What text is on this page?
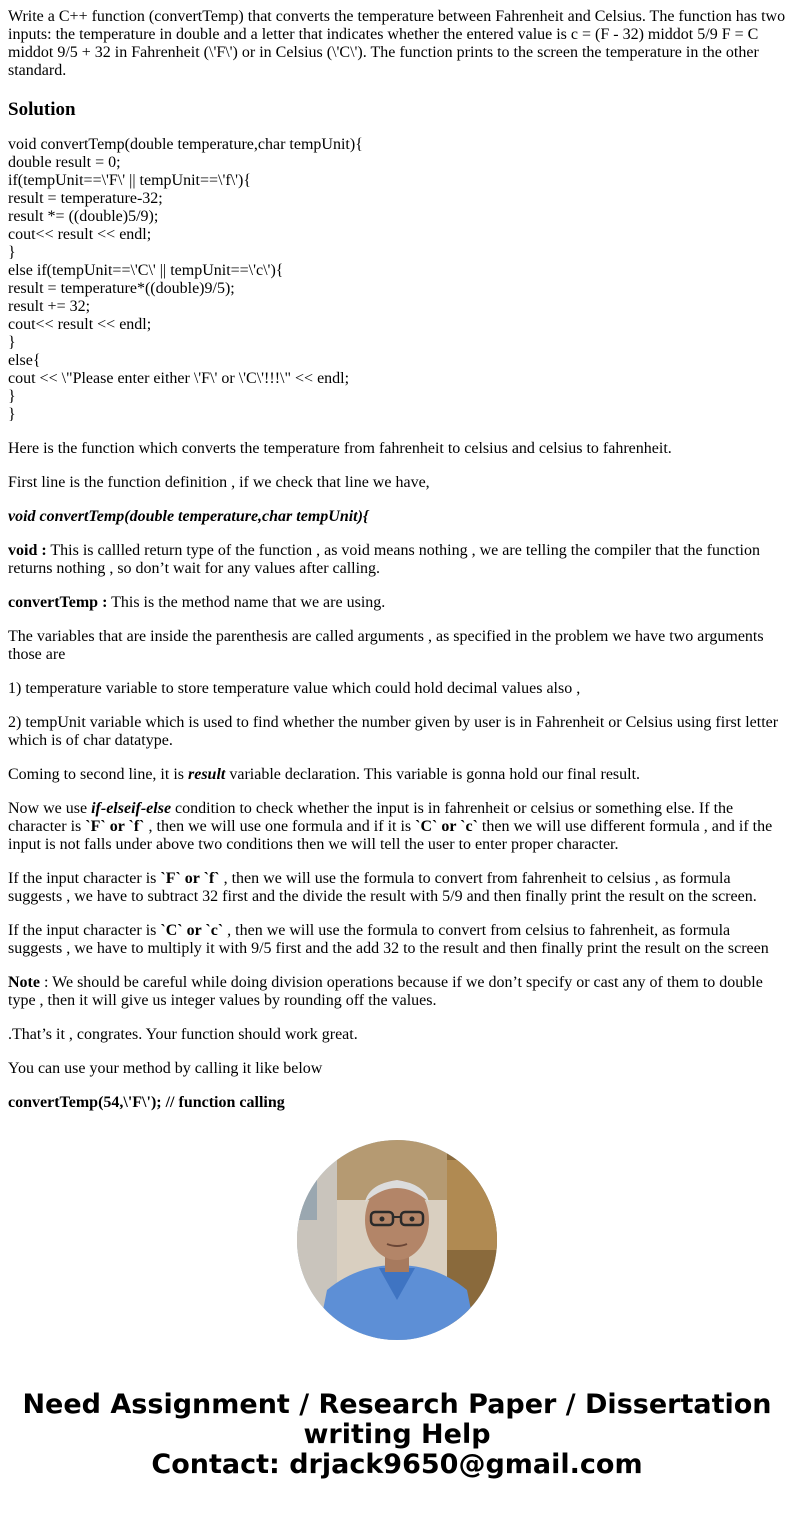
Write a C++ function (convertTemp) that converts the temperature between Fahrenheit and Celsius. The function has two inputs: the temperature in double and a letter that indicates whether the entered value is c = (F - 32) middot 5/9 F = C middot 9/5 + 32 in Fahrenheit (\'F\') or in Celsius (\'C\'). The function prints to the screen the temperature in the other standard.

Solution
void convertTemp(double temperature,char tempUnit){
double result = 0;
if(tempUnit==\'F\' || tempUnit==\'f\'){
result = temperature-32;
result *= ((double)5/9);
cout<< result << endl;
}
else if(tempUnit==\'C\' || tempUnit==\'c\'){
result = temperature*((double)9/5);
result += 32;
cout<< result << endl;
}
else{
cout << \"Please enter either \'F\' or \'C\'!!!\" << endl;
}
}

Here is the function which converts the temperature from fahrenheit to celsius and celsius to fahrenheit.

First line is the function definition , if we check that line we have,

void convertTemp(double temperature,char tempUnit){

void : This is callled return type of the function , as void means nothing , we are telling the compiler that the function returns nothing , so don’t wait for any values after calling.

convertTemp : This is the method name that we are using.

The variables that are inside the parenthesis are called arguments , as specified in the problem we have two arguments those are

1) temperature variable to store temperature value which could hold decimal values also ,

2) tempUnit variable which is used to find whether the number given by user is in Fahrenheit or Celsius using first letter which is of char datatype.

Coming to second line, it is result variable declaration. This variable is gonna hold our final result.

Now we use if-elseif-else condition to check whether the input is in fahrenheit or celsius or something else. If the character is `F` or `f` , then we will use one formula and if it is `C` or `c` then we will use different formula , and if the input is not falls under above two conditions then we will tell the user to enter proper character.

If the input character is `F` or `f` , then we will use the formula to convert from fahrenheit to celsius , as formula suggests , we have to subtract 32 first and the divide the result with 5/9 and then finally print the result on the screen.

If the input character is `C` or `c` , then we will use the formula to convert from celsius to fahrenheit, as formula suggests , we have to multiply it with 9/5 first and the add 32 to the result and then finally print the result on the screen

Note : We should be careful while doing division operations because if we don’t specify or cast any of them to double type , then it will give us integer values by rounding off the values.

.That’s it , congrates. Your function should work great.

You can use your method by calling it like below

convertTemp(54,\'F\'); // function calling

Need Assignment / Research Paper / Dissertation
writing Help
Contact: drjack9650@gmail.com
